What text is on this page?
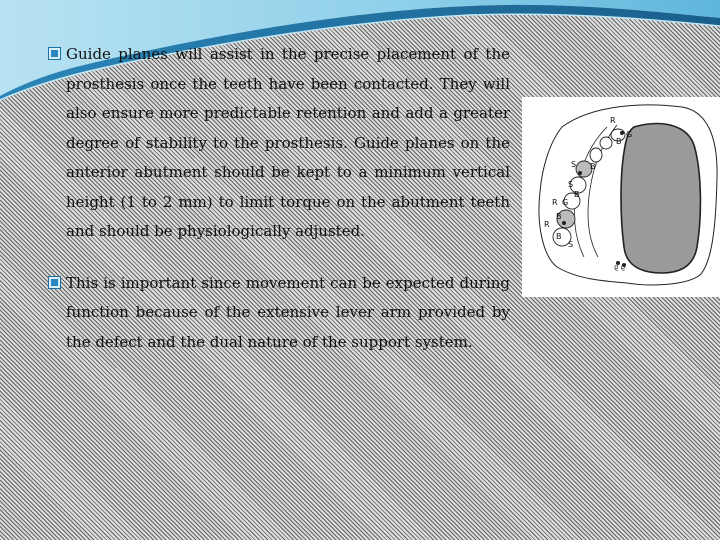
Guide planes will assist in the precise placement of the prosthesis once the teeth have been contacted. They will also ensure more predictable retention and add a greater degree of stability to the prosthesis. Guide planes on the anterior abutment should be kept to a minimum vertical height (1 to 2 mm) to limit torque on the abutment teeth and should be physiologically adjusted.

This is important since movement can be expected during function because of the extensive lever arm provided by the defect and the dual nature of the support system.

R
B
G
S B
S
G
B
R
B
R
B
S
ϱ ϱ
